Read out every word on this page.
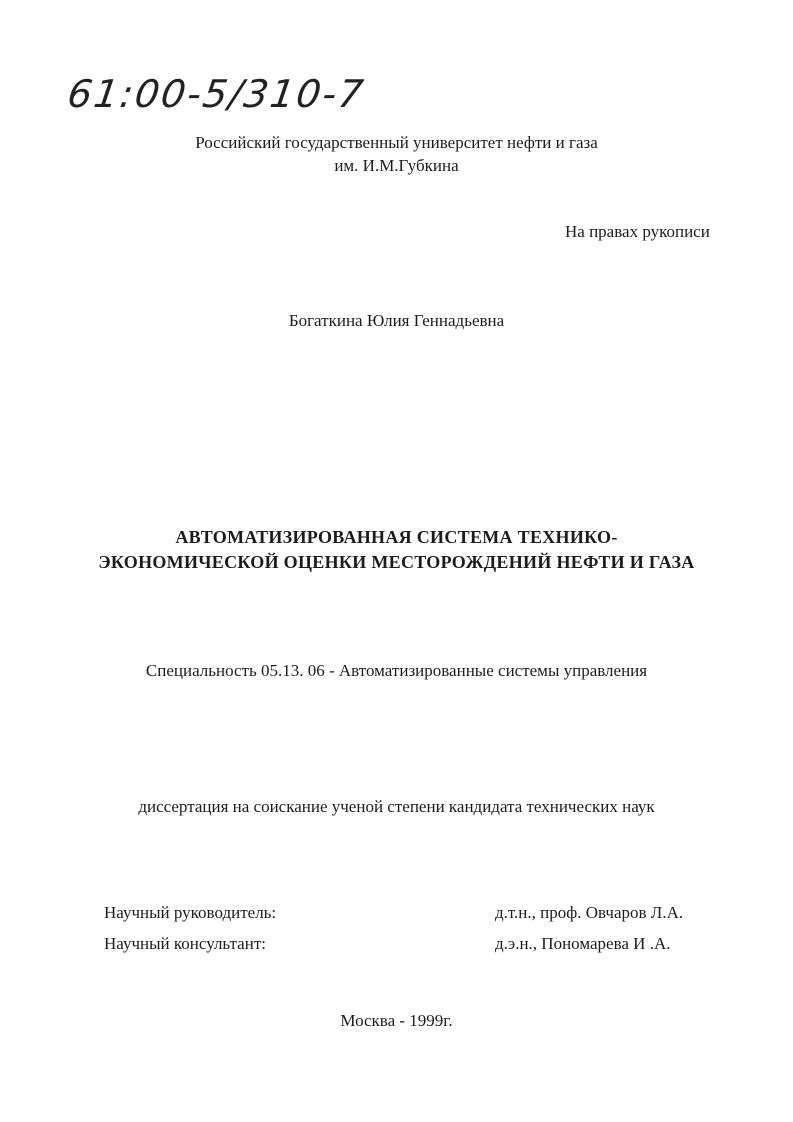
61:00-5/310-7
Российский государственный университет нефти и газа
им. И.М.Губкина
На правах рукописи
Богаткина Юлия Геннадьевна
АВТОМАТИЗИРОВАННАЯ СИСТЕМА ТЕХНИКО-
ЭКОНОМИЧЕСКОЙ ОЦЕНКИ МЕСТОРОЖДЕНИЙ НЕФТИ И ГАЗА
Специальность 05.13. 06 - Автоматизированные системы управления
диссертация на соискание ученой степени кандидата технических наук
Научный руководитель:	д.т.н., проф. Овчаров Л.А.
Научный консультант:	д.э.н., Пономарева И .А.
Москва - 1999г.
